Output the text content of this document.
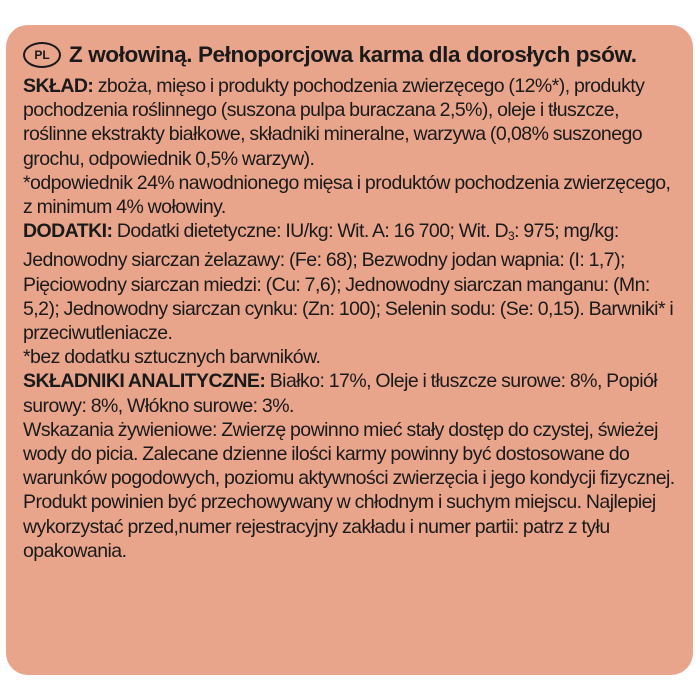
PL Z wołowiną. Pełnoporcjowa karma dla dorosłych psów.

SKŁAD: zboża, mięso i produkty pochodzenia zwierzęcego (12%*), produkty pochodzenia roślinnego (suszona pulpa buraczana 2,5%), oleje i tłuszcze, roślinne ekstrakty białkowe, składniki mineralne, warzywa (0,08% suszonego grochu, odpowiednik 0,5% warzyw).

*odpowiednik 24% nawodnionego mięsa i produktów pochodzenia zwierzęcego, z minimum 4% wołowiny.

DODATKI: Dodatki dietetyczne: IU/kg: Wit. A: 16 700; Wit. $D_3$: 975; mg/kg: Jednowodny siarczan żelazawy: (Fe: 68); Bezwodny jodan wapnia: (I: 1,7); Pięciowodny siarczan miedzi: (Cu: 7,6); Jednowodny siarczan manganu: (Mn: 5,2); Jednowodny siarczan cynku: (Zn: 100); Selenin sodu: (Se: 0,15). Barwniki* i przeciwutleniacze.

*bez dodatku sztucznych barwników.

SKŁADNIKI ANALITYCZNE: Białko: 17%, Oleje i tłuszcze surowe: 8%, Popiół surowy: 8%, Włókno surowe: 3%.

Wskazania żywieniowe: Zwierzę powinno mieć stały dostęp do czystej, świeżej wody do picia. Zalecane dzienne ilości karmy powinny być dostosowane do warunków pogodowych, poziomu aktywności zwierzęcia i jego kondycji fizycznej. Produkt powinien być przechowywany w chłodnym i suchym miejscu. Najlepiej wykorzystać przed,numer rejestracyjny zakładu i numer partii: patrz z tyłu opakowania.
